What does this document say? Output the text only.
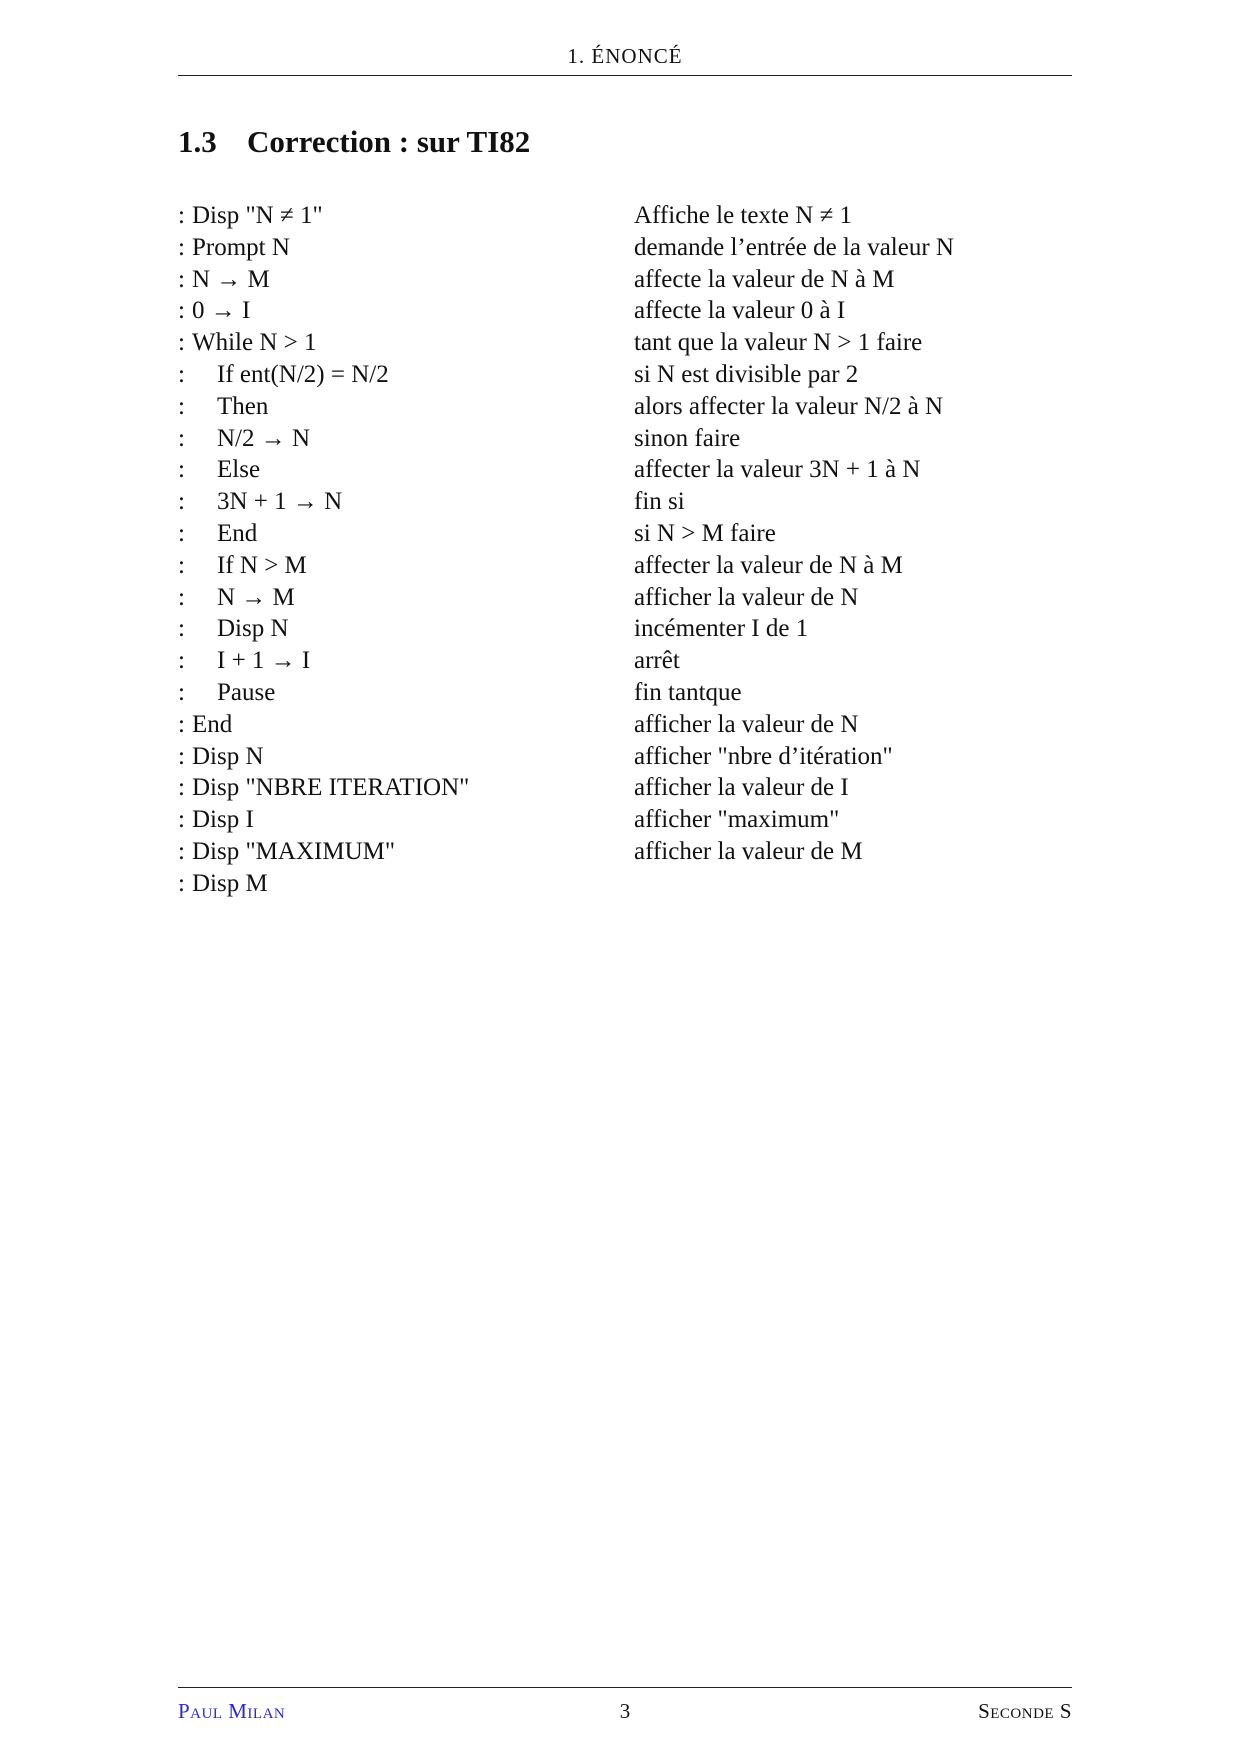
1. ÉNONCÉ
1.3 Correction : sur TI82
: Disp "N ≠ 1"
: Prompt N
: N → M
: 0 → I
: While N > 1
: If ent(N/2) = N/2
: Then
: N/2 → N
: Else
: 3N + 1 → N
: End
: If N > M
: N → M
: Disp N
: I + 1 → I
: Pause
: End
: Disp N
: Disp "NBRE ITERATION"
: Disp I
: Disp "MAXIMUM"
: Disp M
Affiche le texte N ≠ 1
demande l’entrée de la valeur N
affecte la valeur de N à M
affecte la valeur 0 à I
tant que la valeur N > 1 faire
si N est divisible par 2
alors affecter la valeur N/2 à N
sinon faire
affecter la valeur 3N + 1 à N
fin si
si N > M faire
affecter la valeur de N à M
afficher la valeur de N
incémenter I de 1
arrêt
fin tantque
afficher la valeur de N
afficher "nbre d’itération"
afficher la valeur de I
afficher "maximum"
afficher la valeur de M
Paul Milan	3	Seconde S
